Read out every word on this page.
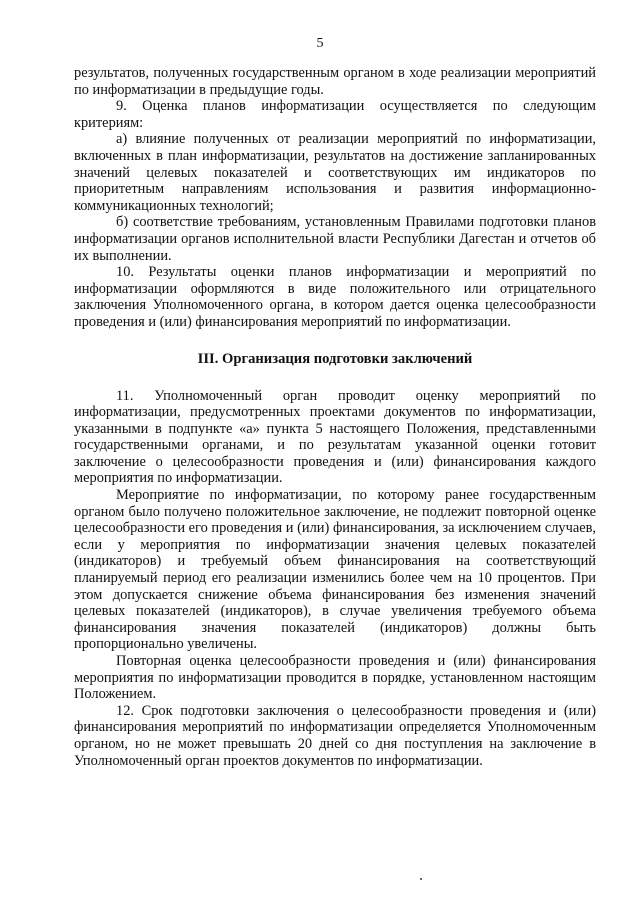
5

результатов, полученных государственным органом в ходе реализации мероприятий по информатизации в предыдущие годы.

9. Оценка планов информатизации осуществляется по следующим критериям:

а) влияние полученных от реализации мероприятий по информатизации, включенных в план информатизации, результатов на достижение запланированных значений целевых показателей и соответствующих им индикаторов по приоритетным направлениям использования и развития информационно-коммуникационных технологий;

б) соответствие требованиям, установленным Правилами подготовки планов информатизации органов исполнительной власти Республики Дагестан и отчетов об их выполнении.

10. Результаты оценки планов информатизации и мероприятий по информатизации оформляются в виде положительного или отрицательного заключения Уполномоченного органа, в котором дается оценка целесообразности проведения и (или) финансирования мероприятий по информатизации.

III. Организация подготовки заключений

11. Уполномоченный орган проводит оценку мероприятий по информатизации, предусмотренных проектами документов по информатизации, указанными в подпункте «а» пункта 5 настоящего Положения, представленными государственными органами, и по результатам указанной оценки готовит заключение о целесообразности проведения и (или) финансирования каждого мероприятия по информатизации.

Мероприятие по информатизации, по которому ранее государственным органом было получено положительное заключение, не подлежит повторной оценке целесообразности его проведения и (или) финансирования, за исключением случаев, если у мероприятия по информатизации значения целевых показателей (индикаторов) и требуемый объем финансирования на соответствующий планируемый период его реализации изменились более чем на 10 процентов. При этом допускается снижение объема финансирования без изменения значений целевых показателей (индикаторов), в случае увеличения требуемого объема финансирования значения показателей (индикаторов) должны быть пропорционально увеличены.

Повторная оценка целесообразности проведения и (или) финансирования мероприятия по информатизации проводится в порядке, установленном настоящим Положением.

12. Срок подготовки заключения о целесообразности проведения и (или) финансирования мероприятий по информатизации определяется Уполномоченным органом, но не может превышать 20 дней со дня поступления на заключение в Уполномоченный орган проектов документов по информатизации.
